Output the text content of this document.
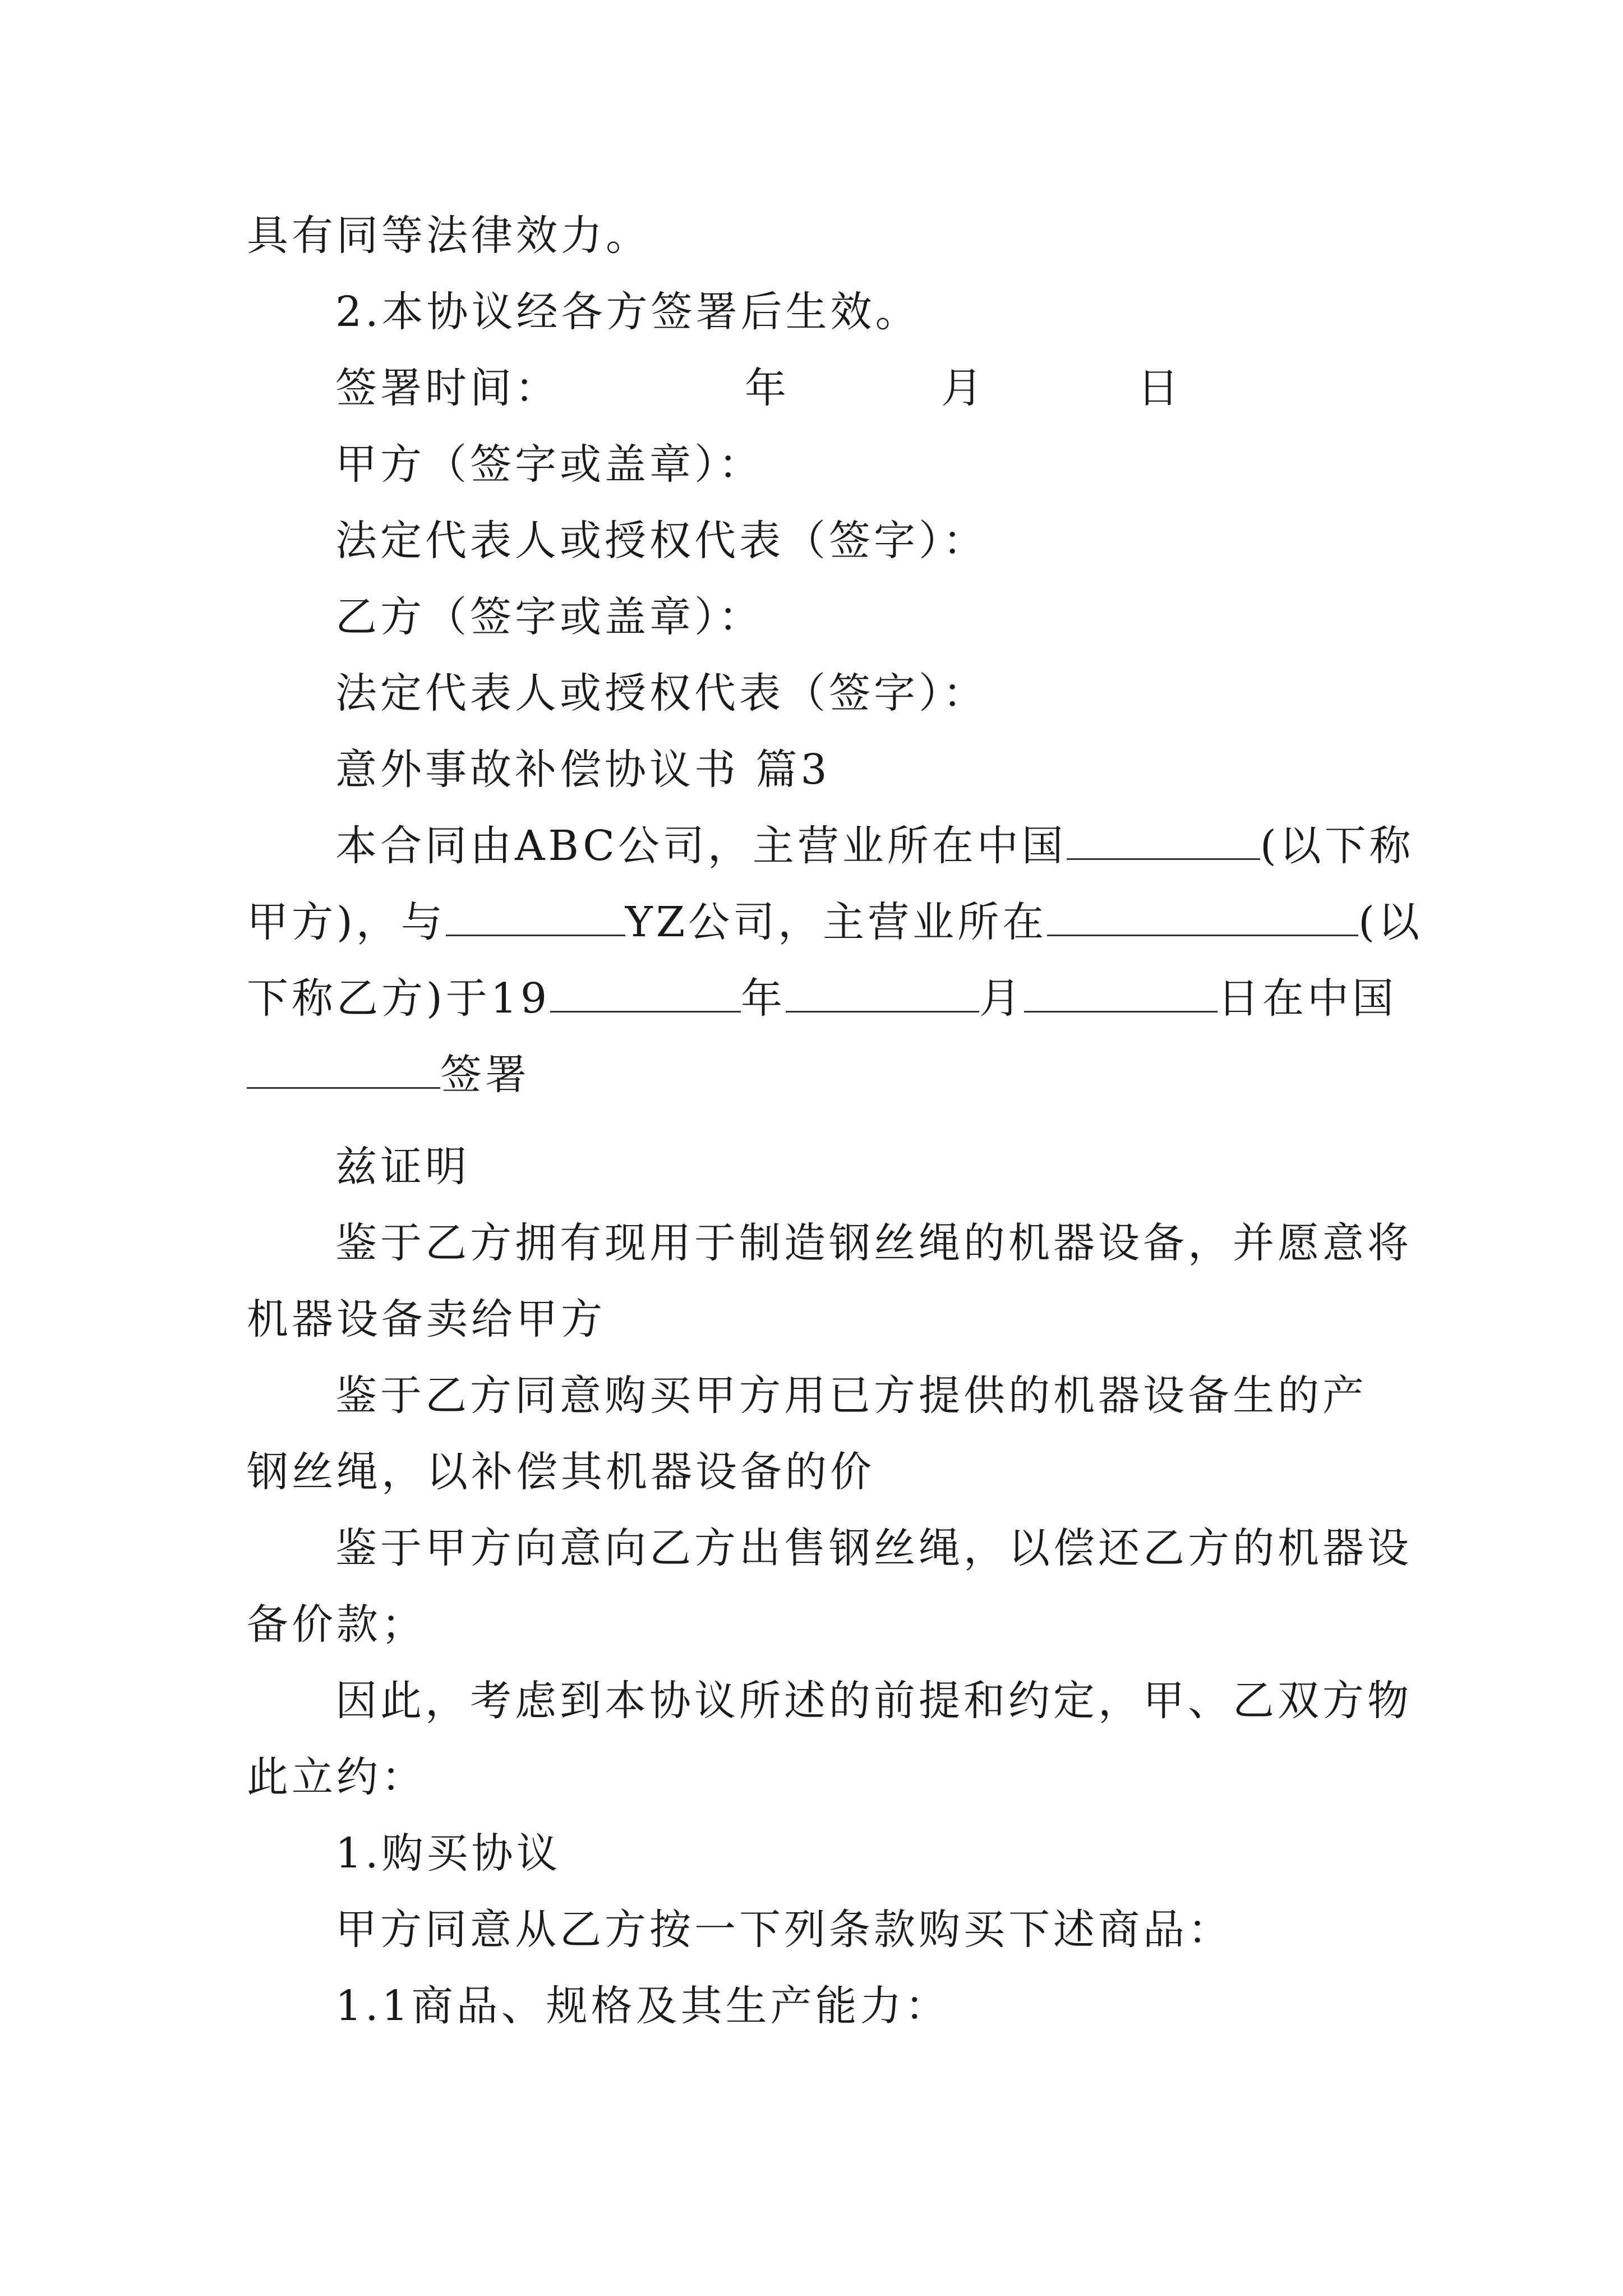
具有同等法律效力。
2.本协议经各方签署后生效。
签署时间：	年	月	日
甲方（签字或盖章）：
法定代表人或授权代表（签字）：
乙方（签字或盖章）：
法定代表人或授权代表（签字）：
意外事故补偿协议书 篇3
本合同由ABC公司，主营业所在中国	(以下称
甲方)，与	YZ公司，主营业所在	(以
下称乙方)于19	年	月	日在中国
签署
兹证明
鉴于乙方拥有现用于制造钢丝绳的机器设备，并愿意将
机器设备卖给甲方
鉴于乙方同意购买甲方用已方提供的机器设备生的产
钢丝绳，以补偿其机器设备的价
鉴于甲方向意向乙方出售钢丝绳，以偿还乙方的机器设
备价款；
因此，考虑到本协议所述的前提和约定，甲、乙双方物
此立约：
1.购买协议
甲方同意从乙方按一下列条款购买下述商品：
1.1商品、规格及其生产能力：
